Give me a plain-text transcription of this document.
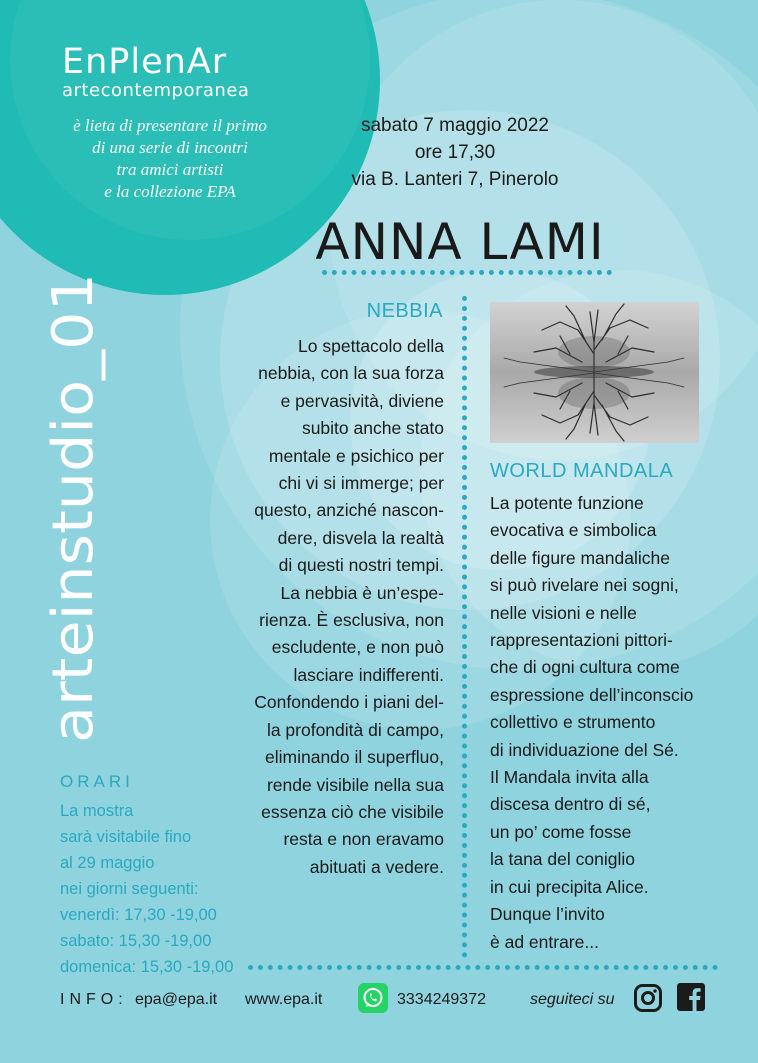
EnPlenAr
artecontemporanea
è lieta di presentare il primo
di una serie di incontri
tra amici artisti
e la collezione EPA
sabato 7 maggio 2022
ore 17,30
via B. Lanteri 7, Pinerolo
ANNA LAMI
arteinstudio_01	NEBBIA
Lo spettacolo della
nebbia, con la sua forza
e pervasività, diviene
subito anche stato
mentale e psichico per
chi vi si immerge; per
questo, anziché nascon-
dere, disvela la realtà
di questi nostri tempi.
La nebbia è un’espe-
rienza. È esclusiva, non
escludente, e non può
lasciare indifferenti.
Confondendo i piani del-
la profondità di campo,
eliminando il superfluo,
rende visibile nella sua
essenza ciò che visibile
resta e non eravamo
abituati a vedere.
WORLD MANDALA
La potente funzione
evocativa e simbolica
delle figure mandaliche
si può rivelare nei sogni,
nelle visioni e nelle
rappresentazioni pittori-
che di ogni cultura come
espressione dell’inconscio
collettivo e strumento
di individuazione del Sé.
Il Mandala invita alla
discesa dentro di sé,
un po’ come fosse
la tana del coniglio
in cui precipita Alice.
Dunque l’invito
è ad entrare...
ORARI
La mostra
sarà visitabile fino
al 29 maggio
nei giorni seguenti:
venerdì: 17,30 -19,00
sabato: 15,30 -19,00
domenica: 15,30 -19,00
INFO: epa@epa.it www.epa.it	3334249372	seguiteci su
